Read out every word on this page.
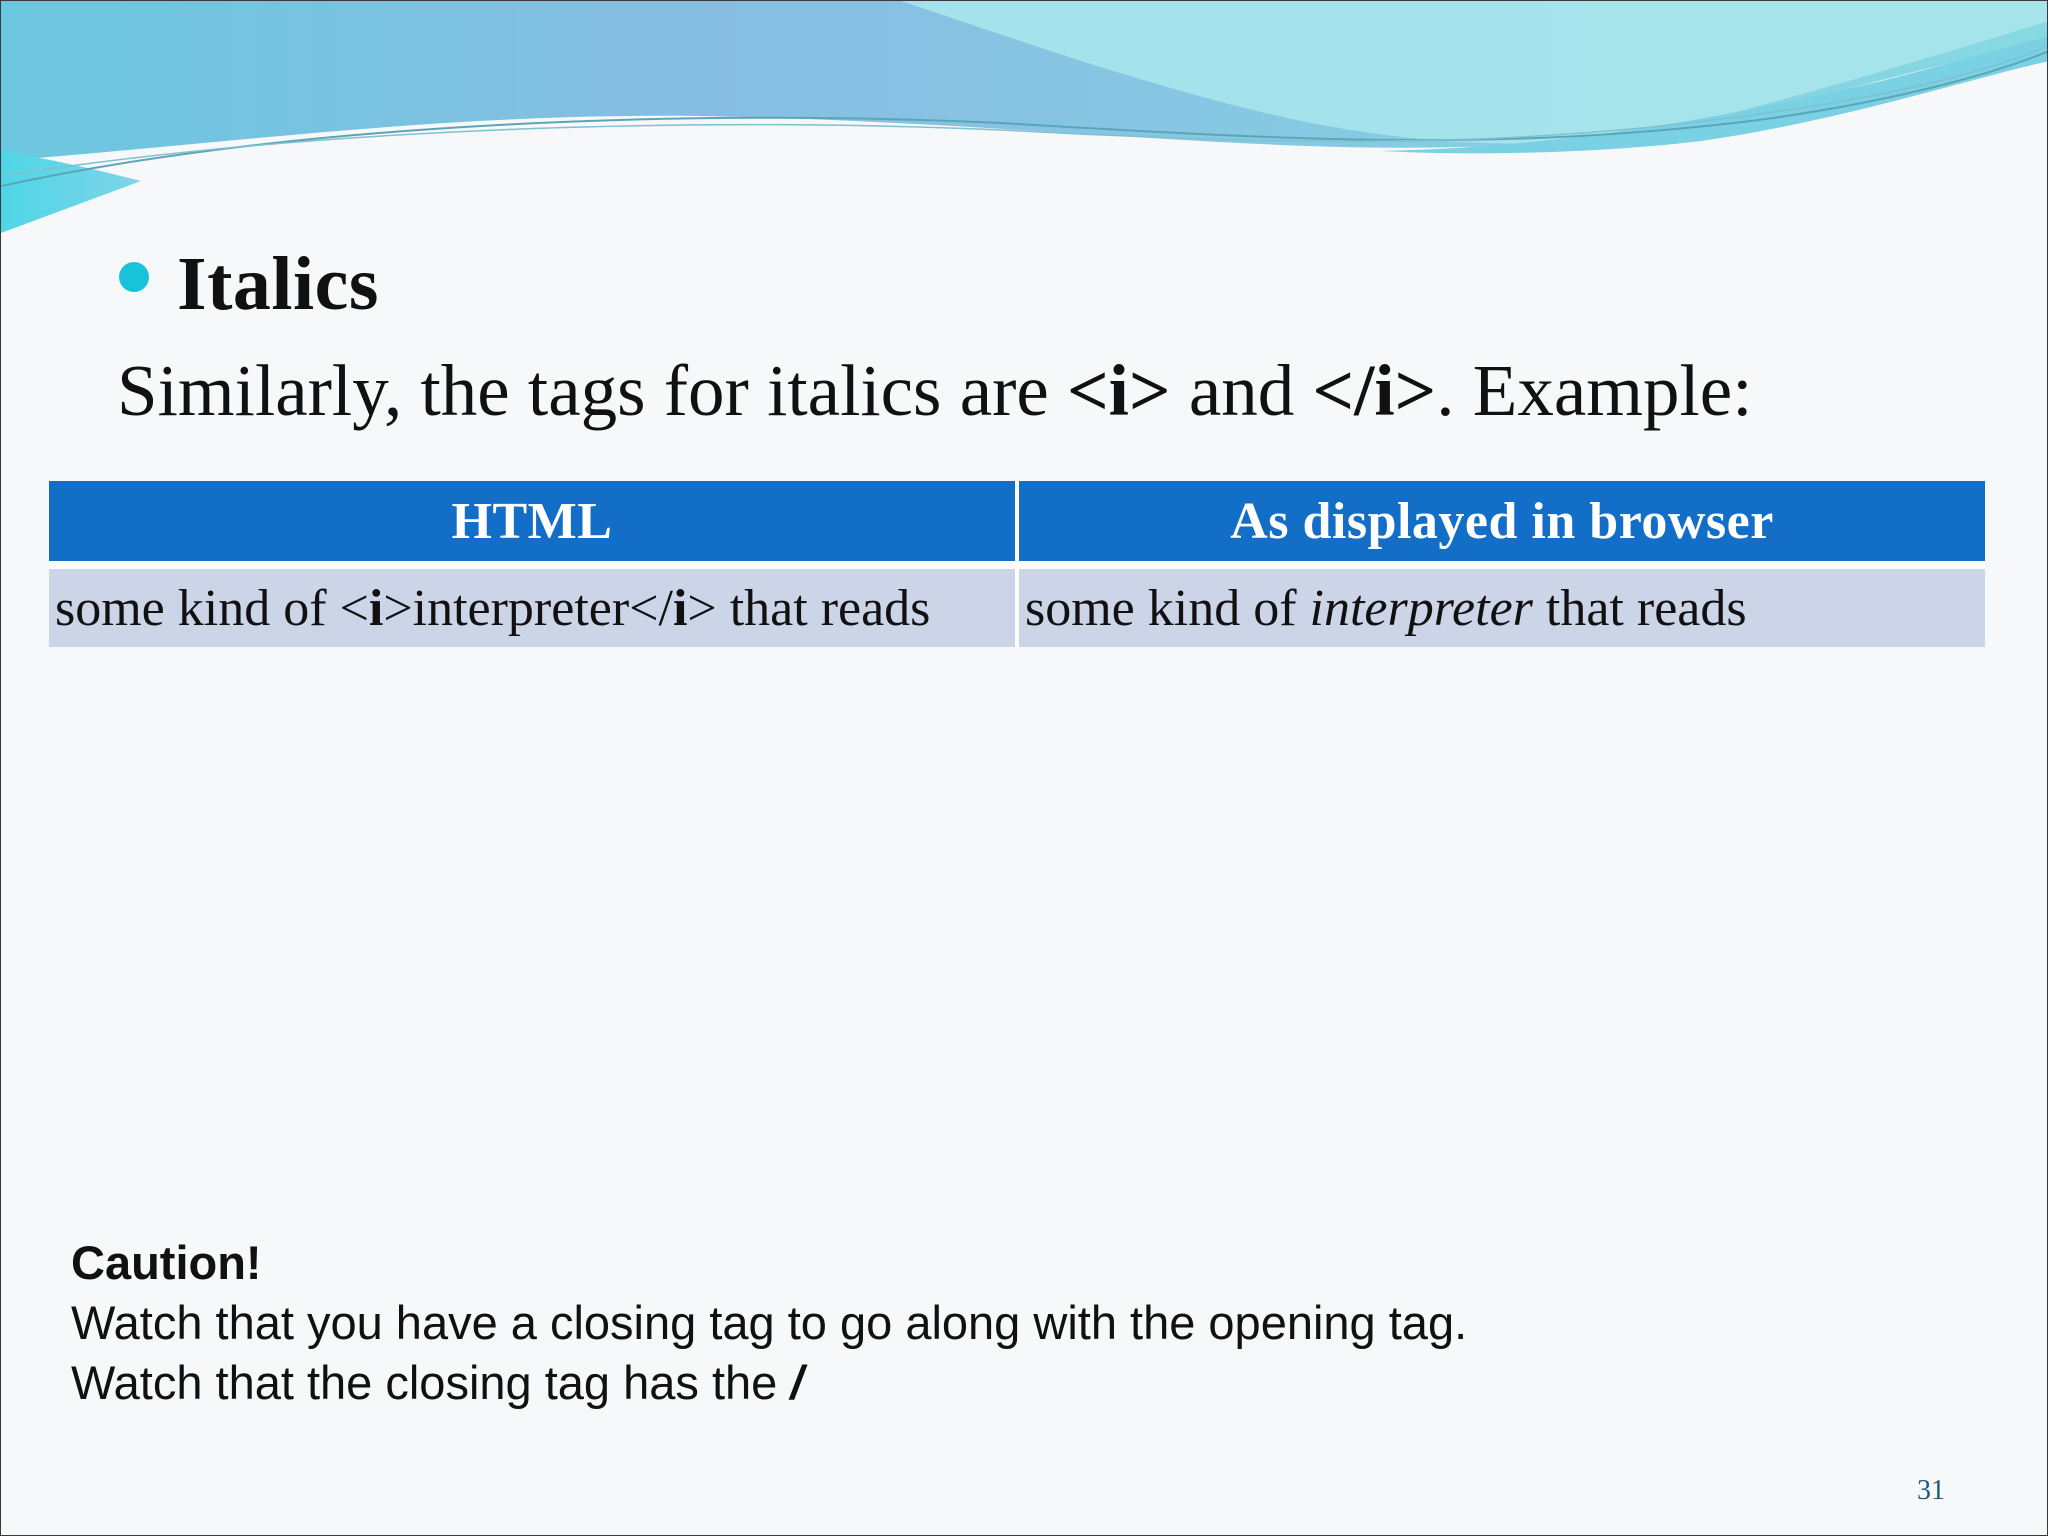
Italics
Similarly, the tags for italics are <i> and </i>. Example:
HTML	As displayed in browser
some kind of <i>interpreter</i> that reads	some kind of interpreter that reads
Caution!
Watch that you have a closing tag to go along with the opening tag.
Watch that the closing tag has the /
31
